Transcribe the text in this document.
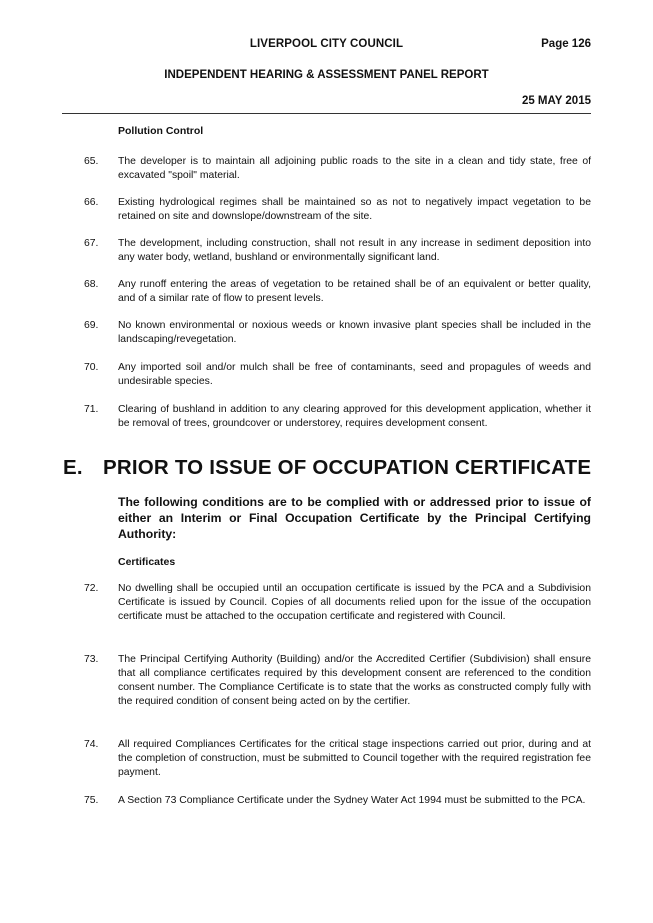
LIVERPOOL CITY COUNCIL	Page 126
INDEPENDENT HEARING & ASSESSMENT PANEL REPORT
25 MAY 2015
Pollution Control
65. The developer is to maintain all adjoining public roads to the site in a clean and tidy state, free of excavated "spoil" material.
66. Existing hydrological regimes shall be maintained so as not to negatively impact vegetation to be retained on site and downslope/downstream of the site.
67. The development, including construction, shall not result in any increase in sediment deposition into any water body, wetland, bushland or environmentally significant land.
68. Any runoff entering the areas of vegetation to be retained shall be of an equivalent or better quality, and of a similar rate of flow to present levels.
69. No known environmental or noxious weeds or known invasive plant species shall be included in the landscaping/revegetation.
70. Any imported soil and/or mulch shall be free of contaminants, seed and propagules of weeds and undesirable species.
71. Clearing of bushland in addition to any clearing approved for this development application, whether it be removal of trees, groundcover or understorey, requires development consent.
E. PRIOR TO ISSUE OF OCCUPATION CERTIFICATE
The following conditions are to be complied with or addressed prior to issue of either an Interim or Final Occupation Certificate by the Principal Certifying Authority:
Certificates
72. No dwelling shall be occupied until an occupation certificate is issued by the PCA and a Subdivision Certificate is issued by Council. Copies of all documents relied upon for the issue of the occupation certificate must be attached to the occupation certificate and registered with Council.
73. The Principal Certifying Authority (Building) and/or the Accredited Certifier (Subdivision) shall ensure that all compliance certificates required by this development consent are referenced to the condition consent number. The Compliance Certificate is to state that the works as constructed comply fully with the required condition of consent being acted on by the certifier.
74. All required Compliances Certificates for the critical stage inspections carried out prior, during and at the completion of construction, must be submitted to Council together with the required registration fee payment.
75. A Section 73 Compliance Certificate under the Sydney Water Act 1994 must be submitted to the PCA.
